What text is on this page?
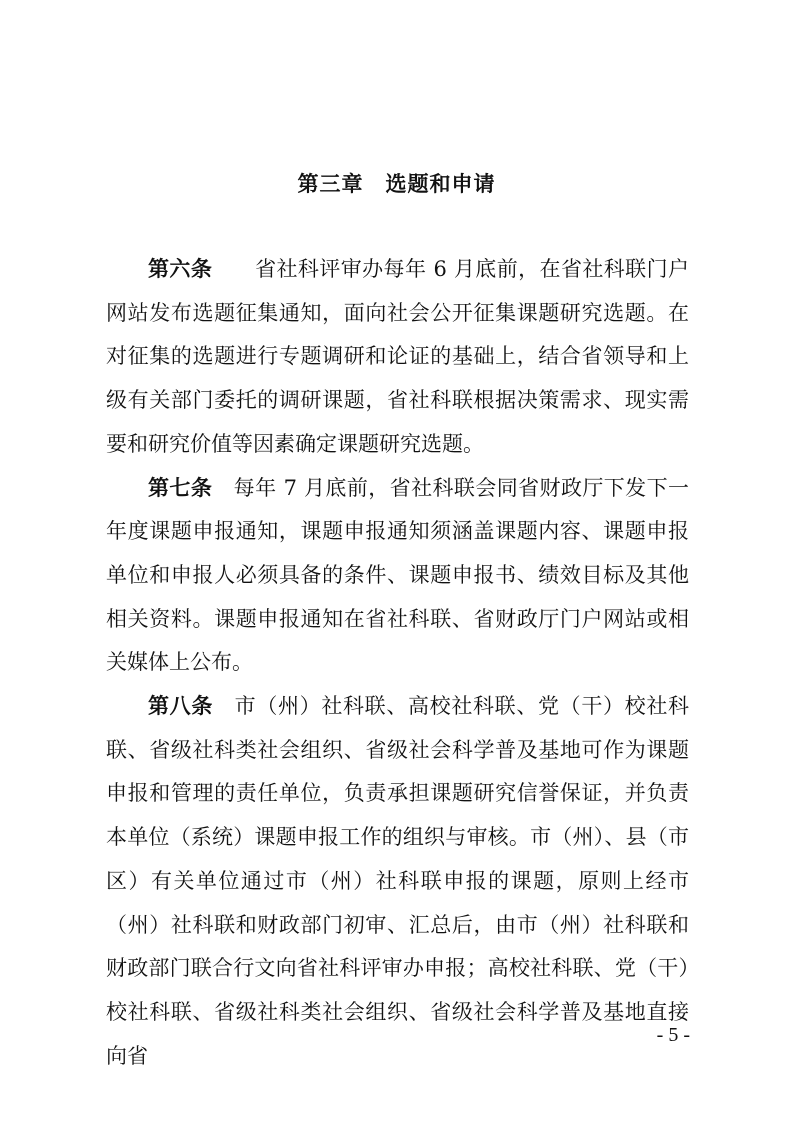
第三章　选题和申请

第六条　　 省社科评审办每年 6 月底前，在省社科联门户网站发布选题征集通知，面向社会公开征集课题研究选题。在对征集的选题进行专题调研和论证的基础上，结合省领导和上级有关部门委托的调研课题，省社科联根据决策需求、现实需要和研究价值等因素确定课题研究选题。

第七条　 每年 7 月底前，省社科联会同省财政厅下发下一年度课题申报通知，课题申报通知须涵盖课题内容、课题申报单位和申报人必须具备的条件、课题申报书、绩效目标及其他相关资料。课题申报通知在省社科联、省财政厅门户网站或相关媒体上公布。

第八条　 市（州）社科联、高校社科联、党（干）校社科联、省级社科类社会组织、省级社会科学普及基地可作为课题申报和管理的责任单位，负责承担课题研究信誉保证，并负责本单位（系统）课题申报工作的组织与审核。市（州）、县（市区）有关单位通过市（州）社科联申报的课题，原则上经市（州）社科联和财政部门初审、汇总后，由市（州）社科联和财政部门联合行文向省社科评审办申报；高校社科联、党（干）校社科联、省级社科类社会组织、省级社会科学普及基地直接向省

- 5 -
